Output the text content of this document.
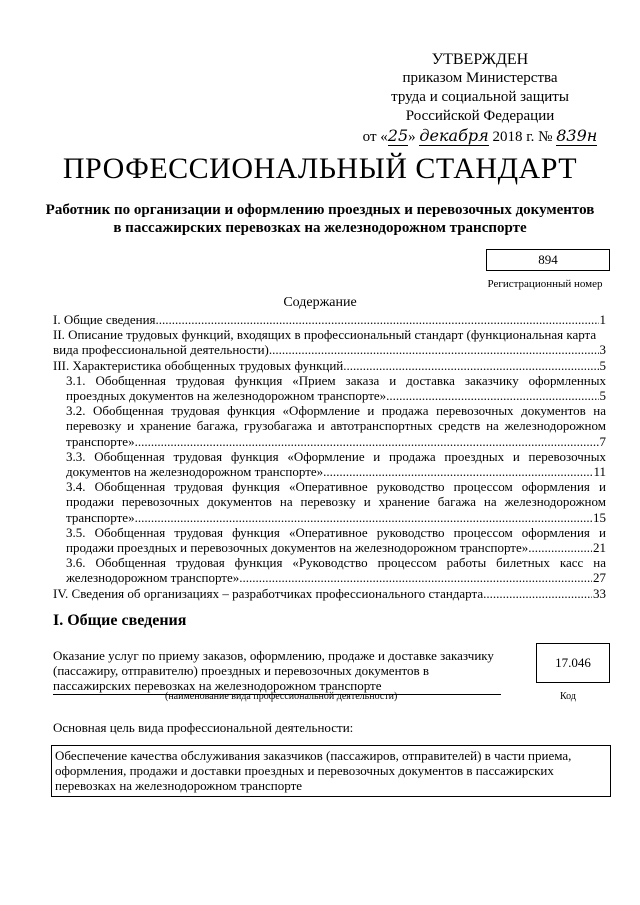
УТВЕРЖДЕН
приказом Министерства
труда и социальной защиты
Российской Федерации
от «25» декабря 2018 г. № 839н
ПРОФЕССИОНАЛЬНЫЙ СТАНДАРТ
Работник по организации и оформлению проездных и перевозочных документов в пассажирских перевозках на железнодорожном транспорте
894
Регистрационный номер
Содержание
I. Общие сведения .....	1
II. Описание трудовых функций, входящих в профессиональный стандарт (функциональная карта
вида профессиональной деятельности) .....	3
III. Характеристика обобщенных трудовых функций .....	5
3.1. Обобщенная трудовая функция «Прием заказа и доставка заказчику оформленных
проездных документов на железнодорожном транспорте» .....	5
3.2. Обобщенная трудовая функция «Оформление и продажа перевозочных документов на
перевозку и хранение багажа, грузобагажа и автотранспортных средств на железнодорожном
транспорте» .....	7
3.3. Обобщенная трудовая функция «Оформление и продажа проездных и перевозочных
документов на железнодорожном транспорте» .....	11
3.4. Обобщенная трудовая функция «Оперативное руководство процессом оформления и
продажи перевозочных документов на перевозку и хранение багажа на железнодорожном
транспорте» .....	15
3.5. Обобщенная трудовая функция «Оперативное руководство процессом оформления и
продажи проездных и перевозочных документов на железнодорожном транспорте» .....	21
3.6. Обобщенная трудовая функция «Руководство процессом работы билетных касс на
железнодорожном транспорте» .....	27
IV. Сведения об организациях – разработчиках профессионального стандарта .....	33
I. Общие сведения
Оказание услуг по приему заказов, оформлению, продаже и доставке заказчику (пассажиру, отправителю) проездных и перевозочных документов в пассажирских перевозках на железнодорожном транспорте
17.046
(наименование вида профессиональной деятельности)	Код
Основная цель вида профессиональной деятельности:
Обеспечение качества обслуживания заказчиков (пассажиров, отправителей) в части приема, оформления, продажи и доставки проездных и перевозочных документов в пассажирских перевозках на железнодорожном транспорте
